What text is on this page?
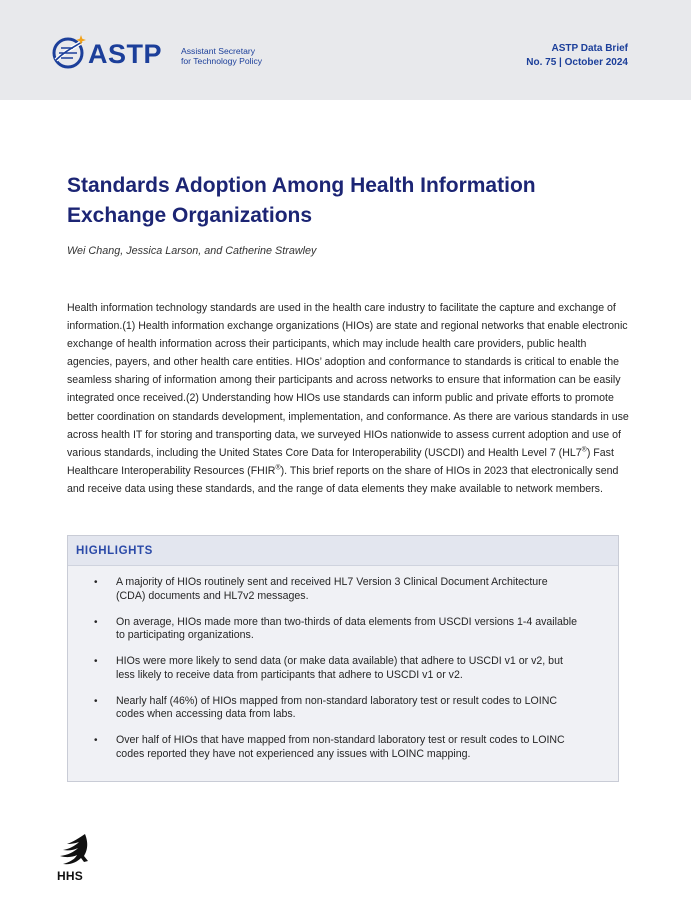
ASTP Assistant Secretary
for Technology Policy
ASTP Data Brief
No. 75 | October 2024
Standards Adoption Among Health Information
Exchange Organizations
Wei Chang, Jessica Larson, and Catherine Strawley

Health information technology standards are used in the health care industry to facilitate the capture and exchange of information.(1) Health information exchange organizations (HIOs) are state and regional networks that enable electronic exchange of health information across their participants, which may include health care providers, public health agencies, payers, and other health care entities. HIOs’ adoption and conformance to standards is critical to enable the seamless sharing of information among their participants and across networks to ensure that information can be easily integrated once received.(2) Understanding how HIOs use standards can inform public and private efforts to promote better coordination on standards development, implementation, and conformance. As there are various standards in use across health IT for storing and transporting data, we surveyed HIOs nationwide to assess current adoption and use of various standards, including the United States Core Data for Interoperability (USCDI) and Health Level 7 (HL7®) Fast Healthcare Interoperability Resources (FHIR®). This brief reports on the share of HIOs in 2023 that electronically send and receive data using these standards, and the range of data elements they make available to network members.

HIGHLIGHTS
• A majority of HIOs routinely sent and received HL7 Version 3 Clinical Document Architecture (CDA) documents and HL7v2 messages.
• On average, HIOs made more than two-thirds of data elements from USCDI versions 1-4 available to participating organizations.
• HIOs were more likely to send data (or make data available) that adhere to USCDI v1 or v2, but less likely to receive data from participants that adhere to USCDI v1 or v2.
• Nearly half (46%) of HIOs mapped from non-standard laboratory test or result codes to LOINC codes when accessing data from labs.
• Over half of HIOs that have mapped from non-standard laboratory test or result codes to LOINC codes reported they have not experienced any issues with LOINC mapping.
HHS
